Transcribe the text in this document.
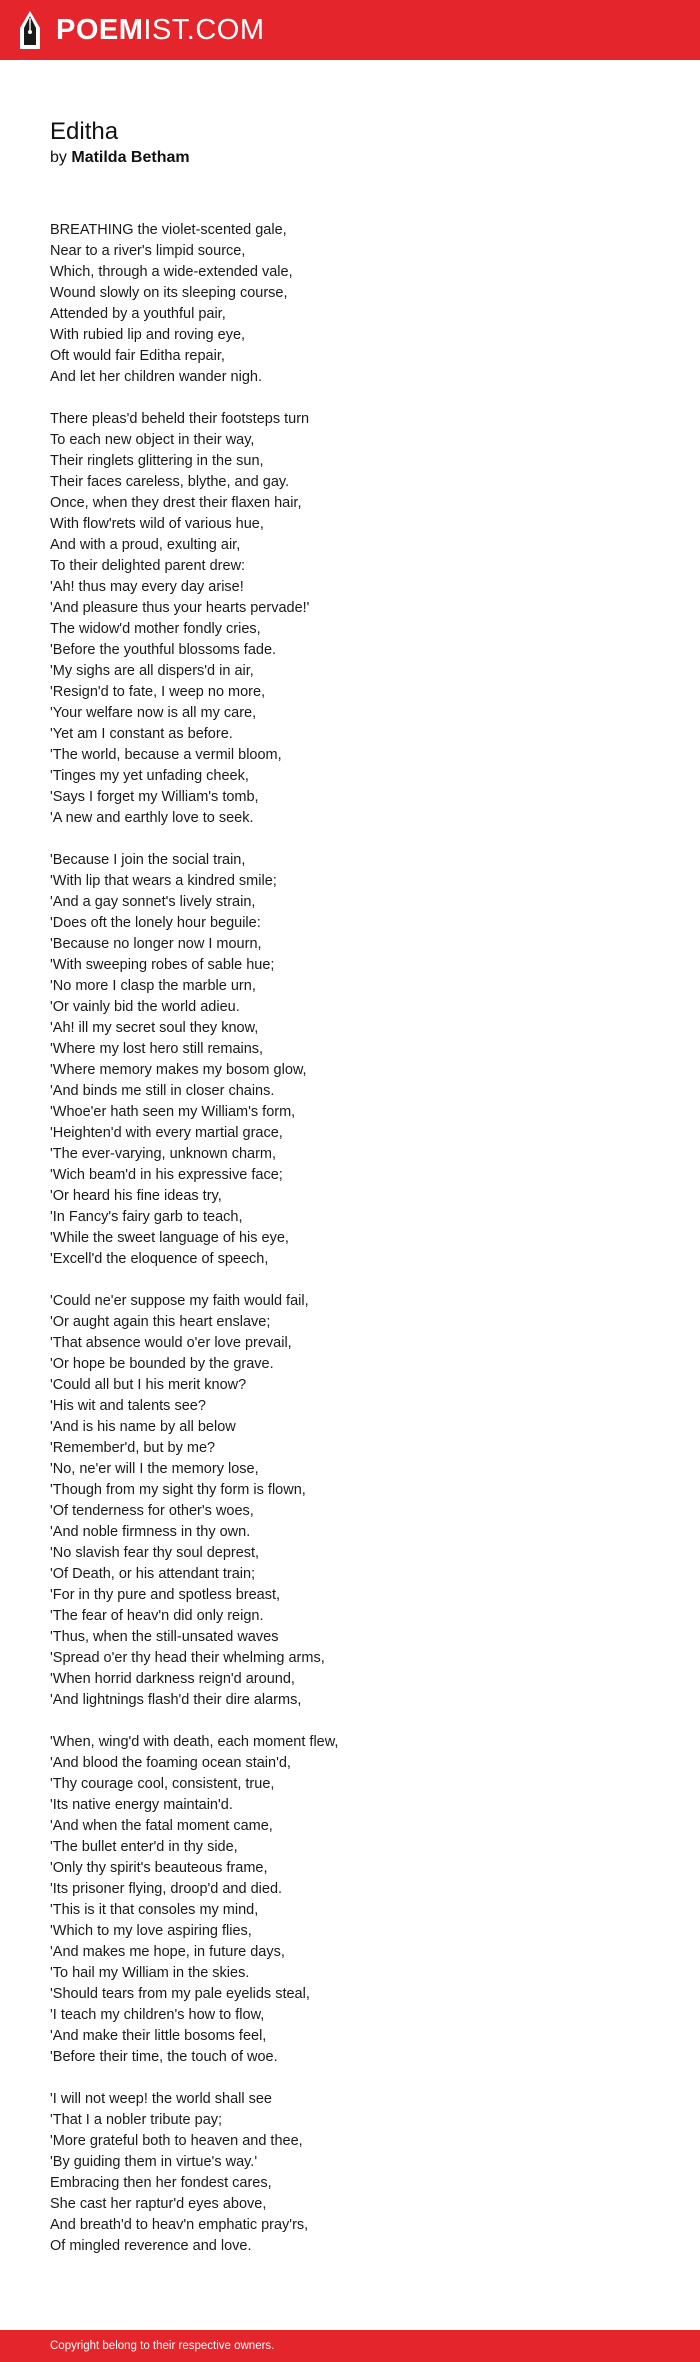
POEMIST.COM
Editha
by Matilda Betham
BREATHING the violet-scented gale,
Near to a river's limpid source,
Which, through a wide-extended vale,
Wound slowly on its sleeping course,
Attended by a youthful pair,
With rubied lip and roving eye,
Oft would fair Editha repair,
And let her children wander nigh.
There pleas'd beheld their footsteps turn
To each new object in their way,
Their ringlets glittering in the sun,
Their faces careless, blythe, and gay.
Once, when they drest their flaxen hair,
With flow'rets wild of various hue,
And with a proud, exulting air,
To their delighted parent drew:
'Ah! thus may every day arise!
'And pleasure thus your hearts pervade!'
The widow'd mother fondly cries,
'Before the youthful blossoms fade.
'My sighs are all dispers'd in air,
'Resign'd to fate, I weep no more,
'Your welfare now is all my care,
'Yet am I constant as before.
'The world, because a vermil bloom,
'Tinges my yet unfading cheek,
'Says I forget my William's tomb,
'A new and earthly love to seek.
'Because I join the social train,
'With lip that wears a kindred smile;
'And a gay sonnet's lively strain,
'Does oft the lonely hour beguile:
'Because no longer now I mourn,
'With sweeping robes of sable hue;
'No more I clasp the marble urn,
'Or vainly bid the world adieu.
'Ah! ill my secret soul they know,
'Where my lost hero still remains,
'Where memory makes my bosom glow,
'And binds me still in closer chains.
'Whoe'er hath seen my William's form,
'Heighten'd with every martial grace,
'The ever-varying, unknown charm,
'Wich beam'd in his expressive face;
'Or heard his fine ideas try,
'In Fancy's fairy garb to teach,
'While the sweet language of his eye,
'Excell'd the eloquence of speech,
'Could ne'er suppose my faith would fail,
'Or aught again this heart enslave;
'That absence would o'er love prevail,
'Or hope be bounded by the grave.
'Could all but I his merit know?
'His wit and talents see?
'And is his name by all below
'Remember'd, but by me?
'No, ne'er will I the memory lose,
'Though from my sight thy form is flown,
'Of tenderness for other's woes,
'And noble firmness in thy own.
'No slavish fear thy soul deprest,
'Of Death, or his attendant train;
'For in thy pure and spotless breast,
'The fear of heav'n did only reign.
'Thus, when the still-unsated waves
'Spread o'er thy head their whelming arms,
'When horrid darkness reign'd around,
'And lightnings flash'd their dire alarms,
'When, wing'd with death, each moment flew,
'And blood the foaming ocean stain'd,
'Thy courage cool, consistent, true,
'Its native energy maintain'd.
'And when the fatal moment came,
'The bullet enter'd in thy side,
'Only thy spirit's beauteous frame,
'Its prisoner flying, droop'd and died.
'This is it that consoles my mind,
'Which to my love aspiring flies,
'And makes me hope, in future days,
'To hail my William in the skies.
'Should tears from my pale eyelids steal,
'I teach my children's how to flow,
'And make their little bosoms feel,
'Before their time, the touch of woe.
'I will not weep! the world shall see
'That I a nobler tribute pay;
'More grateful both to heaven and thee,
'By guiding them in virtue's way.'
Embracing then her fondest cares,
She cast her raptur'd eyes above,
And breath'd to heav'n emphatic pray'rs,
Of mingled reverence and love.
Copyright belong to their respective owners.
